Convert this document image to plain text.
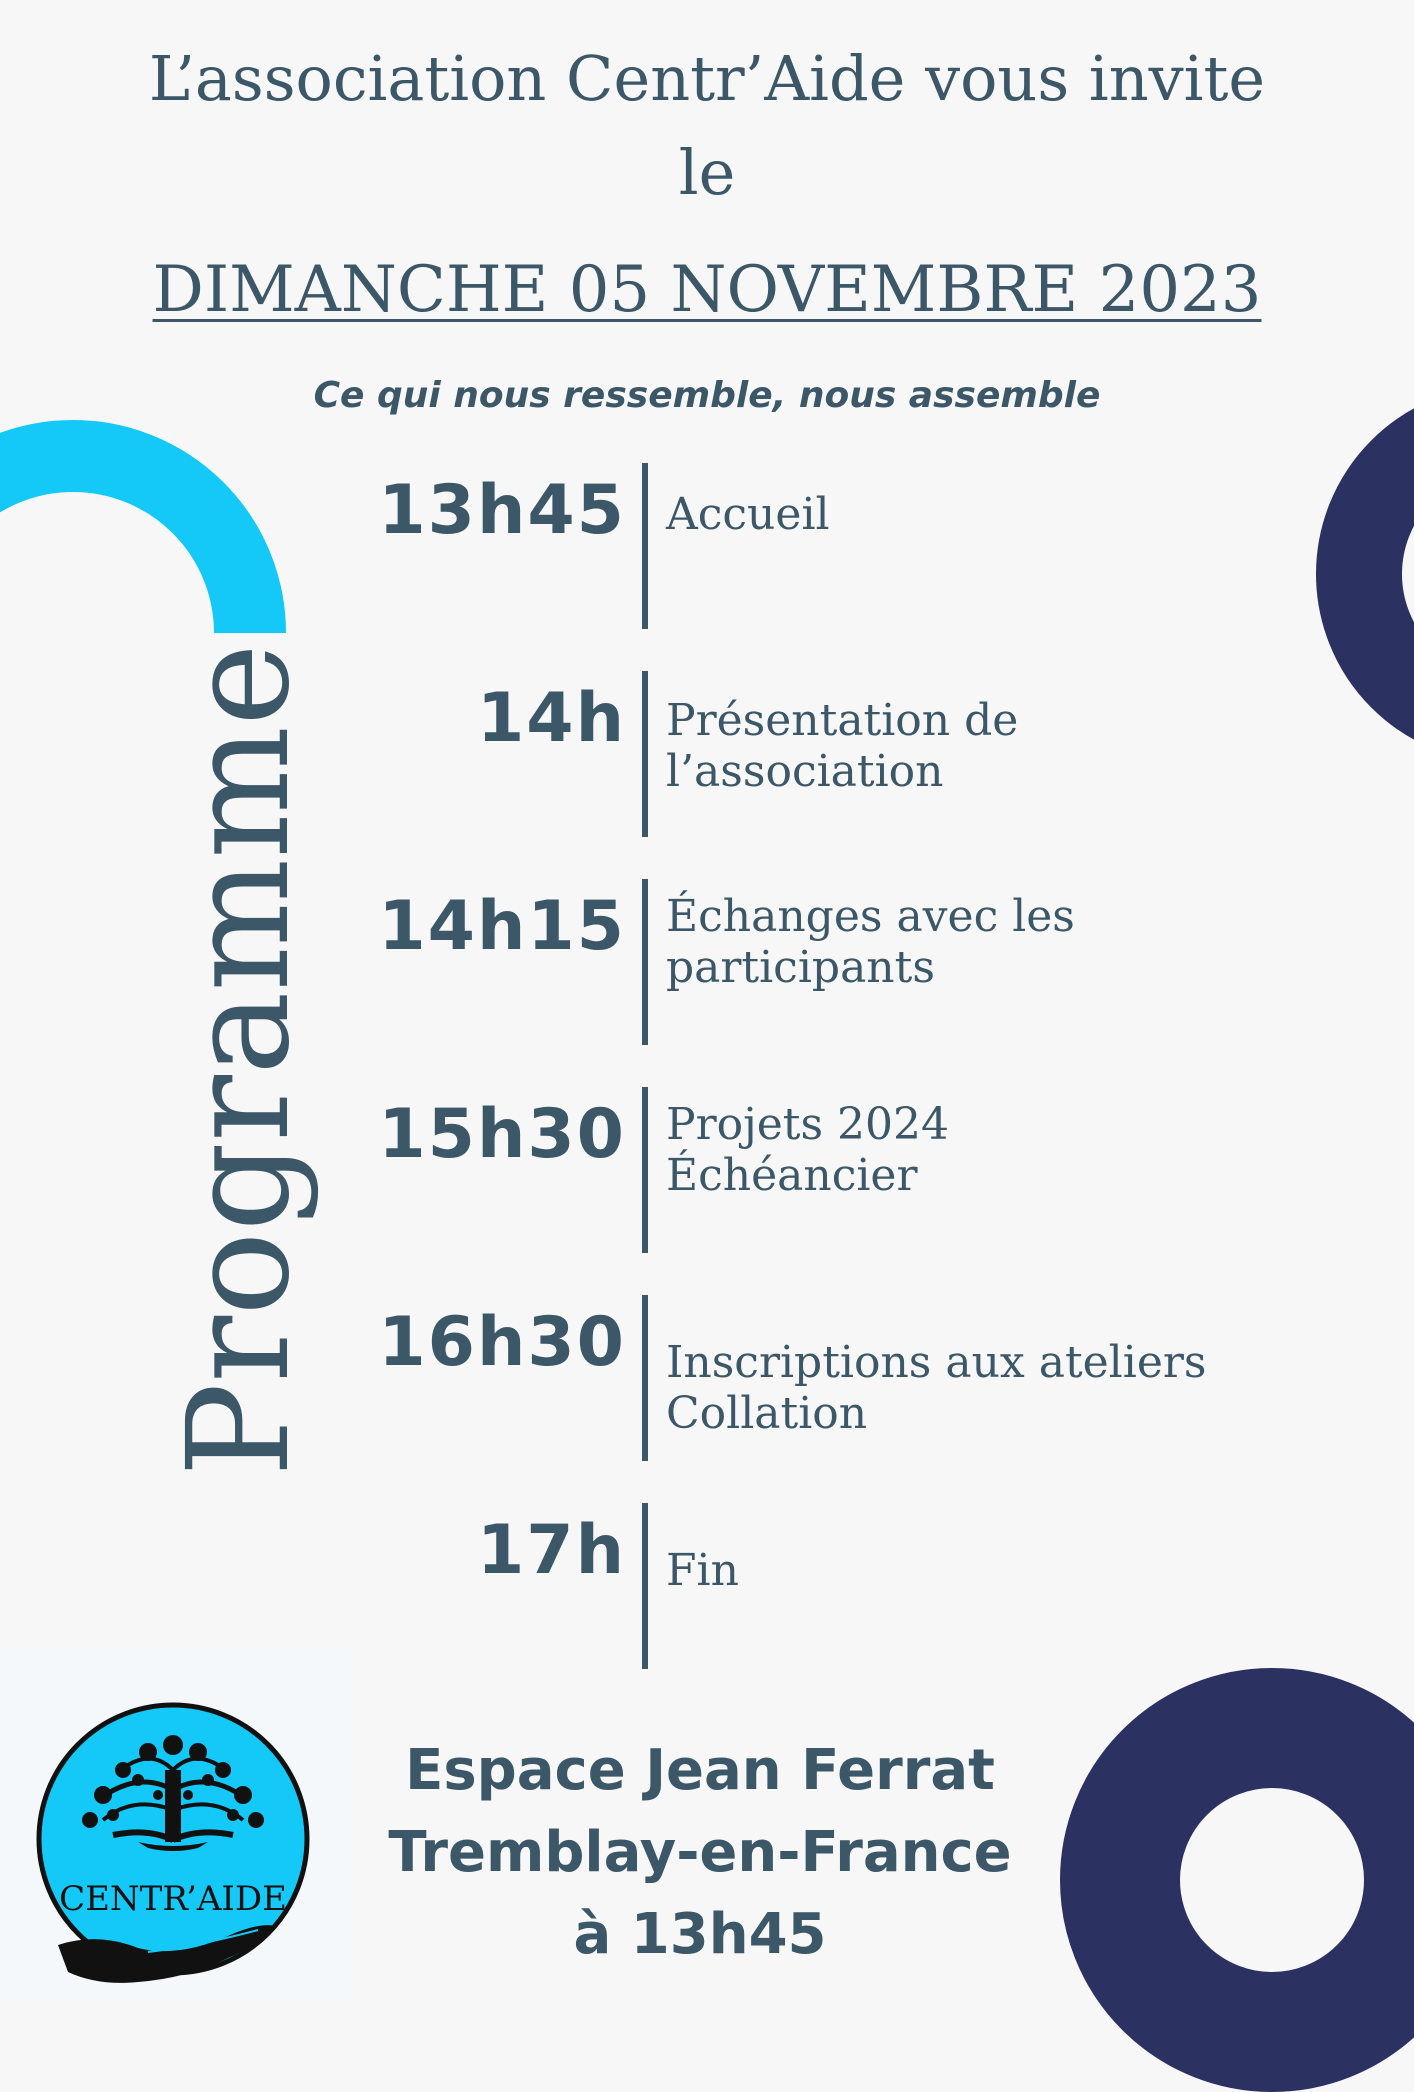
L’association Centr’Aide vous invite
le
DIMANCHE 05 NOVEMBRE 2023
Ce qui nous ressemble, nous assemble
Programme
13h45 Accueil
14h Présentation de
l’association
14h15 Échanges avec les
participants
15h30 Projets 2024
Échéancier
16h30 Inscriptions aux ateliers
Collation
17h Fin
CENTR’AIDE
Espace Jean Ferrat
Tremblay-en-France
à 13h45
